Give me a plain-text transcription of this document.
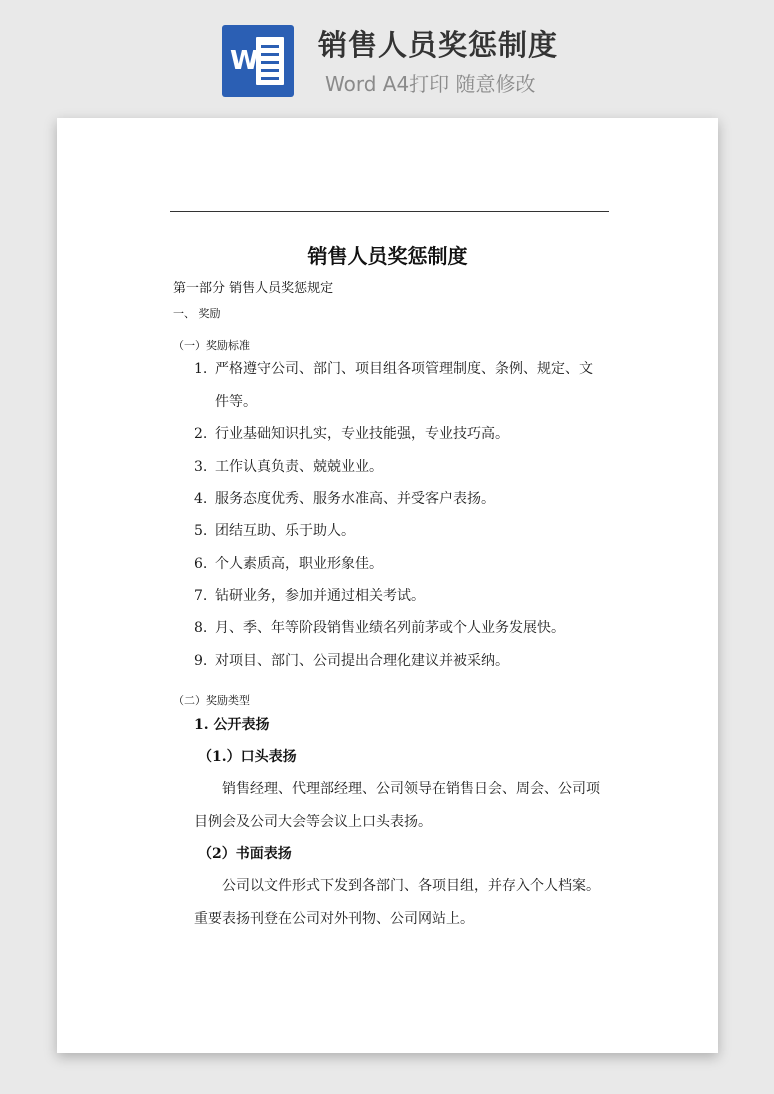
W 销售人员奖惩制度
Word A4打印 随意修改
​
销售人员奖惩制度
第一部分 销售人员奖惩规定
一、 奖励
（一）奖励标准
1. 严格遵守公司、部门、项目组各项管理制度、条例、规定、文
件等。
2. 行业基础知识扎实，专业技能强，专业技巧高。
3. 工作认真负责、兢兢业业。
4. 服务态度优秀、服务水准高、并受客户表扬。
5. 团结互助、乐于助人。
6. 个人素质高，职业形象佳。
7. 钻研业务，参加并通过相关考试。
8. 月、季、年等阶段销售业绩名列前茅或个人业务发展快。
9. 对项目、部门、公司提出合理化建议并被采纳。
（二）奖励类型
1. 公开表扬
（1.）口头表扬
销售经理、代理部经理、公司领导在销售日会、周会、公司项
目例会及公司大会等会议上口头表扬。
（2）书面表扬
公司以文件形式下发到各部门、各项目组，并存入个人档案。
重要表扬刊登在公司对外刊物、公司网站上。
